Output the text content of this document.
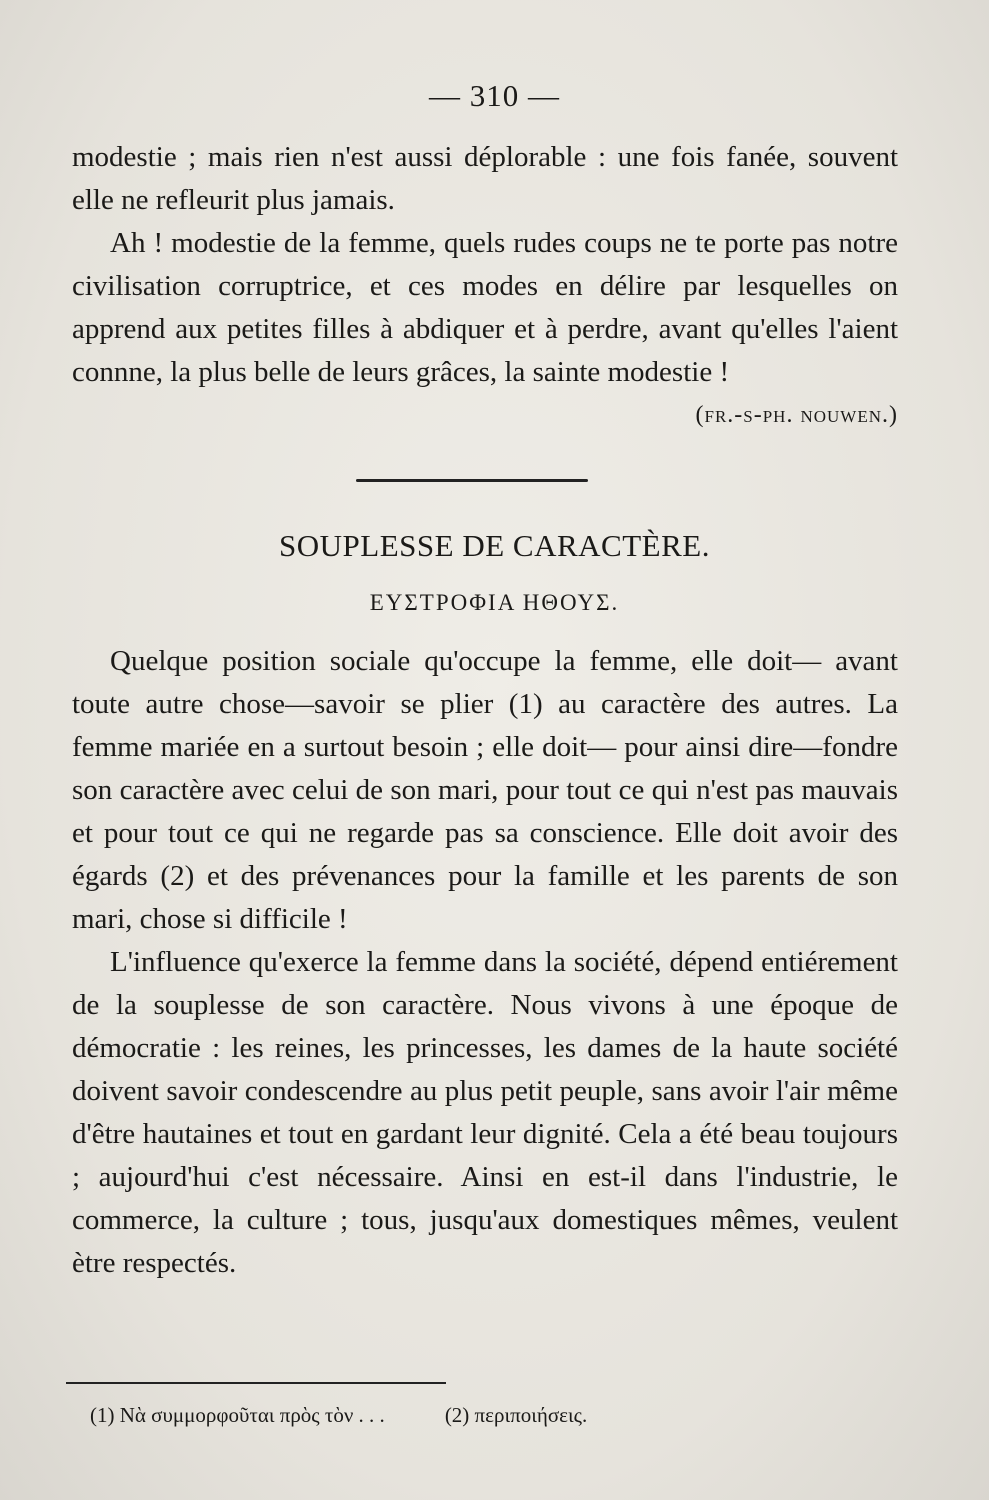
— 310 —

modestie ; mais rien n'est aussi déplorable : une fois fanée, souvent elle ne refleurit plus jamais.

Ah ! modestie de la femme, quels rudes coups ne te porte pas notre civilisation corruptrice, et ces modes en délire par lesquelles on apprend aux petites filles à abdiquer et à perdre, avant qu'elles l'aient connne, la plus belle de leurs grâces, la sainte modestie !
(fr.-s-ph. nouwen.)

SOUPLESSE DE CARACTÈRE.
ΕΥΣΤΡΟΦΙΑ ΗΘΟΥΣ.

Quelque position sociale qu'occupe la femme, elle doit— avant toute autre chose—savoir se plier (1) au caractère des autres. La femme mariée en a surtout besoin ; elle doit— pour ainsi dire—fondre son caractère avec celui de son mari, pour tout ce qui n'est pas mauvais et pour tout ce qui ne regarde pas sa conscience. Elle doit avoir des égards (2) et des prévenances pour la famille et les parents de son mari, chose si difficile !

L'influence qu'exerce la femme dans la société, dépend entiérement de la souplesse de son caractère. Nous vivons à une époque de démocratie : les reines, les princesses, les dames de la haute société doivent savoir condescendre au plus petit peuple, sans avoir l'air même d'être hautaines et tout en gardant leur dignité. Cela a été beau toujours ; aujourd'hui c'est nécessaire. Ainsi en est-il dans l'industrie, le commerce, la culture ; tous, jusqu'aux domestiques mêmes, veulent ètre respectés.

(1) Νὰ συμμορφοῦται πρὸς τὸν . . .	(2) περιποιήσεις.
